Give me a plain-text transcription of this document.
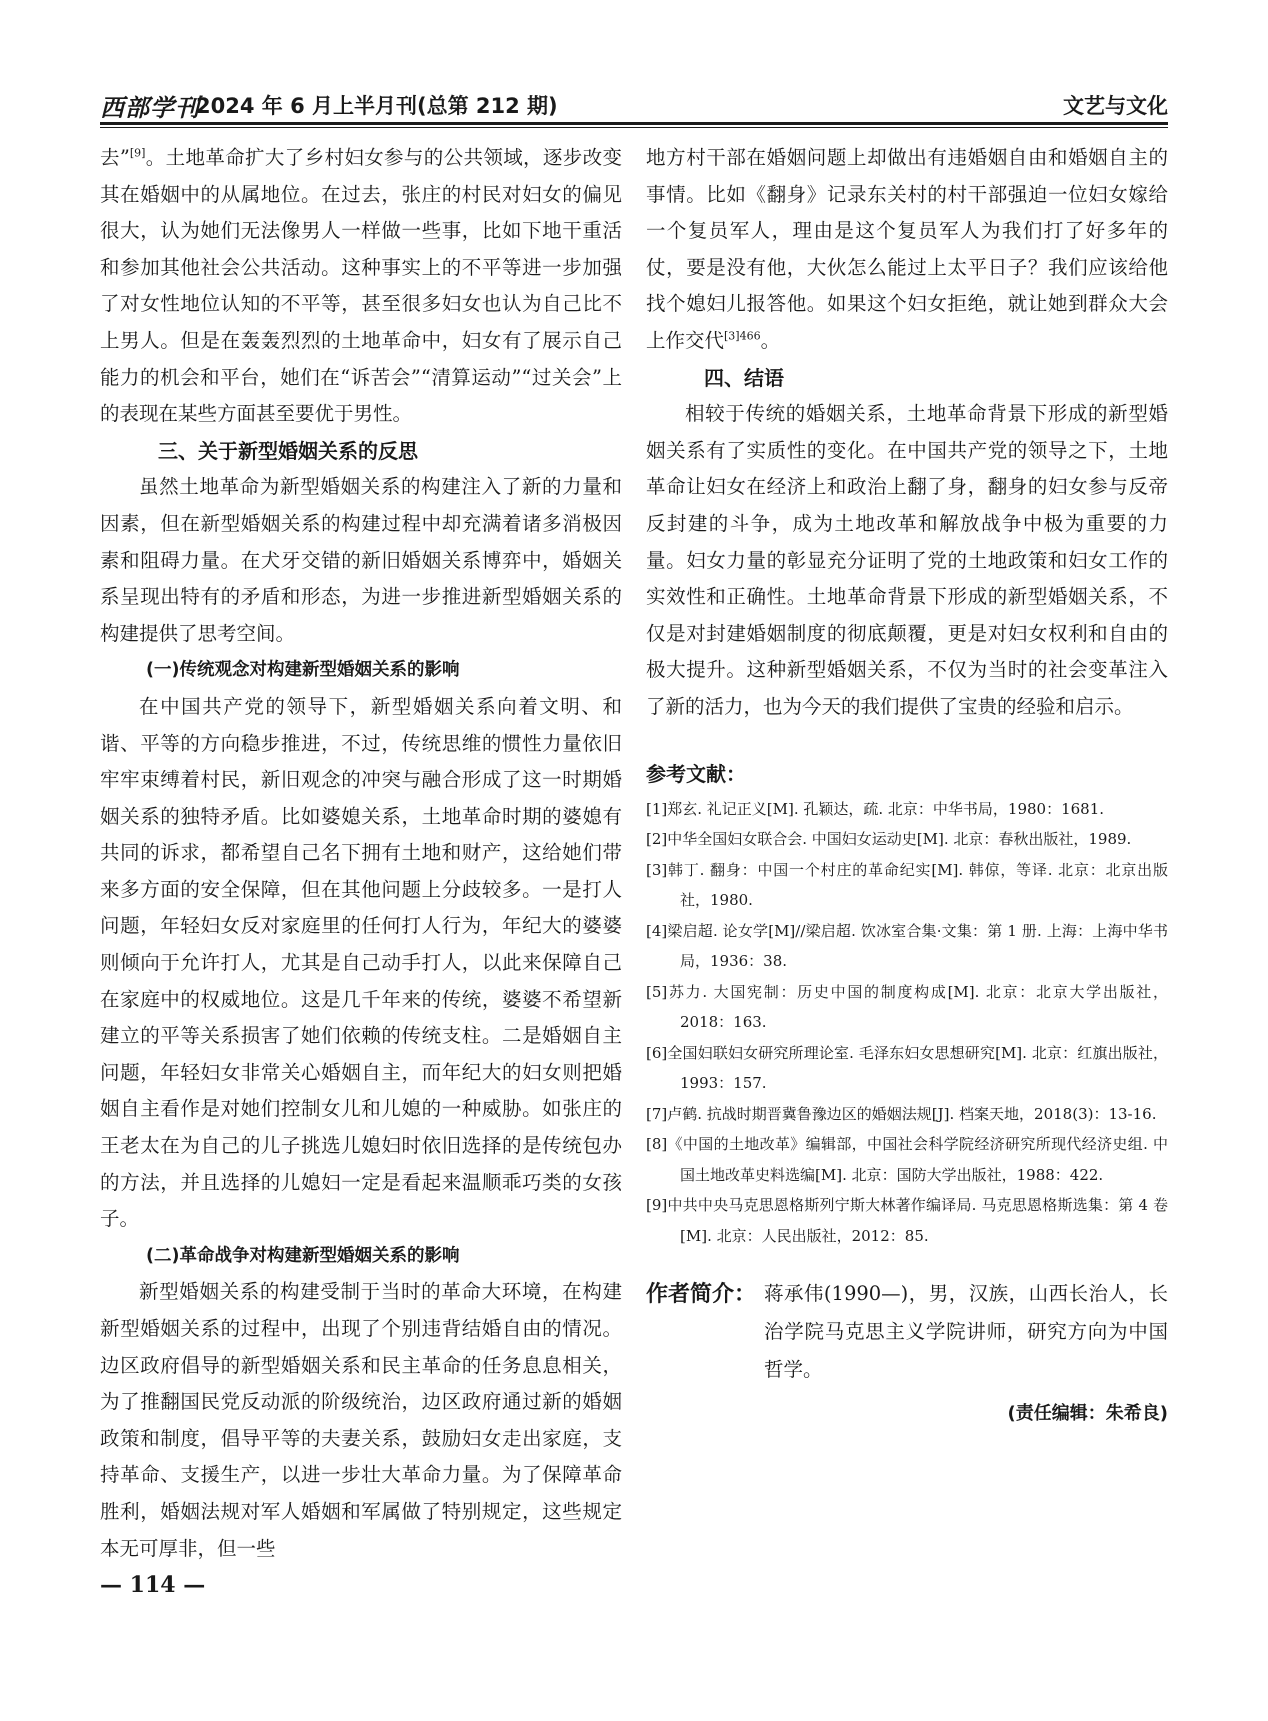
西部学刊
2024 年 6 月上半月刊(总第 212 期)	文艺与文化

去”[9]。土地革命扩大了乡村妇女参与的公共领域，逐步改变其在婚姻中的从属地位。在过去，张庄的村民对妇女的偏见很大，认为她们无法像男人一样做一些事，比如下地干重活和参加其他社会公共活动。这种事实上的不平等进一步加强了对女性地位认知的不平等，甚至很多妇女也认为自己比不上男人。但是在轰轰烈烈的土地革命中，妇女有了展示自己能力的机会和平台，她们在“诉苦会”“清算运动”“过关会”上的表现在某些方面甚至要优于男性。

三、关于新型婚姻关系的反思

虽然土地革命为新型婚姻关系的构建注入了新的力量和因素，但在新型婚姻关系的构建过程中却充满着诸多消极因素和阻碍力量。在犬牙交错的新旧婚姻关系博弈中，婚姻关系呈现出特有的矛盾和形态，为进一步推进新型婚姻关系的构建提供了思考空间。

(一)传统观念对构建新型婚姻关系的影响

在中国共产党的领导下，新型婚姻关系向着文明、和谐、平等的方向稳步推进，不过，传统思维的惯性力量依旧牢牢束缚着村民，新旧观念的冲突与融合形成了这一时期婚姻关系的独特矛盾。比如婆媳关系，土地革命时期的婆媳有共同的诉求，都希望自己名下拥有土地和财产，这给她们带来多方面的安全保障，但在其他问题上分歧较多。一是打人问题，年轻妇女反对家庭里的任何打人行为，年纪大的婆婆则倾向于允许打人，尤其是自己动手打人，以此来保障自己在家庭中的权威地位。这是几千年来的传统，婆婆不希望新建立的平等关系损害了她们依赖的传统支柱。二是婚姻自主问题，年轻妇女非常关心婚姻自主，而年纪大的妇女则把婚姻自主看作是对她们控制女儿和儿媳的一种威胁。如张庄的王老太在为自己的儿子挑选儿媳妇时依旧选择的是传统包办的方法，并且选择的儿媳妇一定是看起来温顺乖巧类的女孩子。

(二)革命战争对构建新型婚姻关系的影响

新型婚姻关系的构建受制于当时的革命大环境，在构建新型婚姻关系的过程中，出现了个别违背结婚自由的情况。边区政府倡导的新型婚姻关系和民主革命的任务息息相关，为了推翻国民党反动派的阶级统治，边区政府通过新的婚姻政策和制度，倡导平等的夫妻关系，鼓励妇女走出家庭，支持革命、支援生产，以进一步壮大革命力量。为了保障革命胜利，婚姻法规对军人婚姻和军属做了特别规定，这些规定本无可厚非，但一些

地方村干部在婚姻问题上却做出有违婚姻自由和婚姻自主的事情。比如《翻身》记录东关村的村干部强迫一位妇女嫁给一个复员军人，理由是这个复员军人为我们打了好多年的仗，要是没有他，大伙怎么能过上太平日子？我们应该给他找个媳妇儿报答他。如果这个妇女拒绝，就让她到群众大会上作交代$^{[3]466}$。

四、结语

相较于传统的婚姻关系，土地革命背景下形成的新型婚姻关系有了实质性的变化。在中国共产党的领导之下，土地革命让妇女在经济上和政治上翻了身，翻身的妇女参与反帝反封建的斗争，成为土地改革和解放战争中极为重要的力量。妇女力量的彰显充分证明了党的土地政策和妇女工作的实效性和正确性。土地革命背景下形成的新型婚姻关系，不仅是对封建婚姻制度的彻底颠覆，更是对妇女权利和自由的极大提升。这种新型婚姻关系，不仅为当时的社会变革注入了新的活力，也为今天的我们提供了宝贵的经验和启示。

参考文献：

[1]郑玄. 礼记正义[M]. 孔颖达，疏. 北京：中华书局，1980：1681.

[2]中华全国妇女联合会. 中国妇女运动史[M]. 北京：春秋出版社，1989.

[3]韩丁. 翻身：中国一个村庄的革命纪实[M]. 韩倞，等译. 北京：北京出版社，1980.

[4]梁启超. 论女学[M]//梁启超. 饮冰室合集·文集：第 1 册. 上海：上海中华书局，1936：38.

[5]苏力. 大国宪制：历史中国的制度构成[M]. 北京：北京大学出版社，2018：163.

[6]全国妇联妇女研究所理论室. 毛泽东妇女思想研究[M]. 北京：红旗出版社，1993：157.

[7]卢鹤. 抗战时期晋冀鲁豫边区的婚姻法规[J]. 档案天地，2018(3)：13-16.

[8]《中国的土地改革》编辑部，中国社会科学院经济研究所现代经济史组. 中国土地改革史料选编[M]. 北京：国防大学出版社，1988：422.

[9]中共中央马克思恩格斯列宁斯大林著作编译局. 马克思恩格斯选集：第 4 卷[M]. 北京：人民出版社，2012：85.

作者简介： 蒋承伟(1990—)，男，汉族，山西长治人，长治学院马克思主义学院讲师，研究方向为中国哲学。

(责任编辑：朱希良)
— 114 —
